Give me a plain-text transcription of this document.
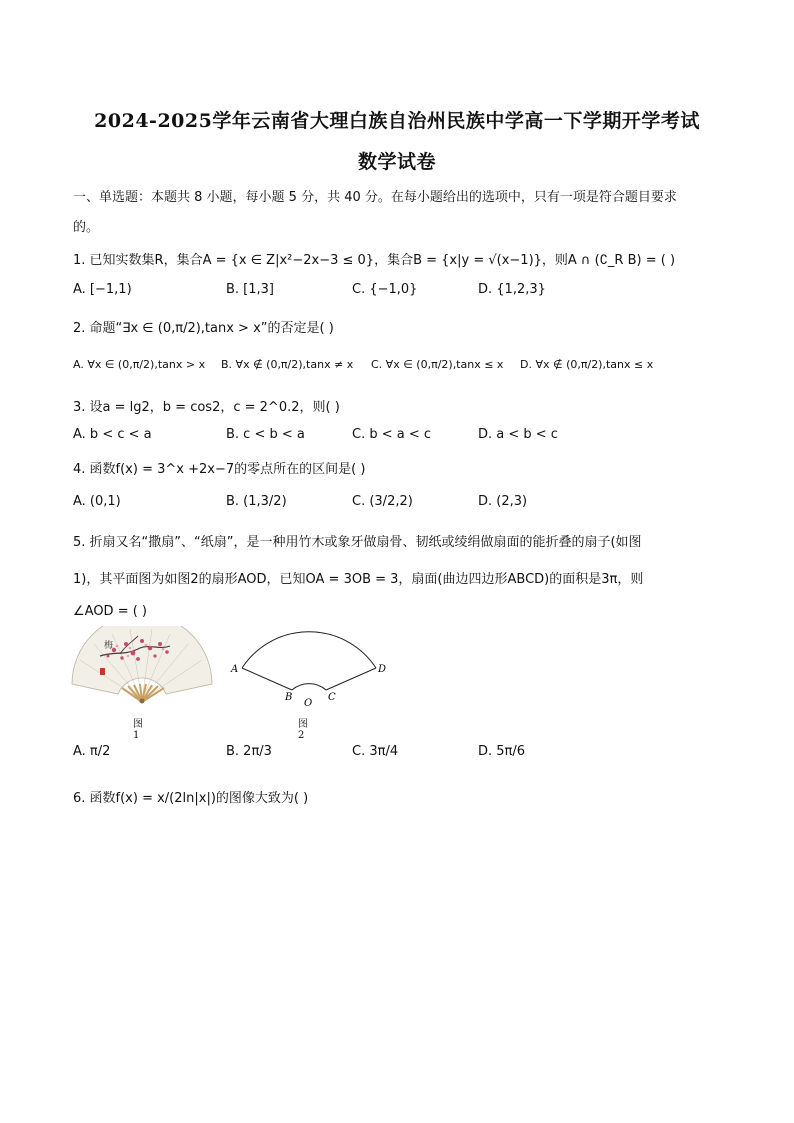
2024-2025学年云南省大理白族自治州民族中学高一下学期开学考试
数学试卷
一、单选题：本题共 8 小题，每小题 5 分，共 40 分。在每小题给出的选项中，只有一项是符合题目要求
的。
1. 已知实数集R，集合A = {x ∈ Z|x²−2x−3 ≤ 0}，集合B = {x|y = √(x−1)}，则A ∩ (∁_R B) = ( )
A. [−1,1)	B. [1,3]	C. {−1,0}	D. {1,2,3}
2. 命题“∃x ∈ (0,π/2),tanx > x”的否定是( )
A. ∀x ∈ (0,π/2),tanx > x B. ∀x ∉ (0,π/2),tanx ≠ x C. ∀x ∈ (0,π/2),tanx ≤ x D. ∀x ∉ (0,π/2),tanx ≤ x
3. 设a = lg2，b = cos2，c = 2^0.2，则( )
A. b < c < a	B. c < b < a	C. b < a < c	D. a < b < c
4. 函数f(x) = 3^x +2x−7的零点所在的区间是( )
A. (0,1)	B. (1,3/2)	C. (3/2,2)	D. (2,3)
5. 折扇又名“撒扇”、“纸扇”，是一种用竹木或象牙做扇骨、韧纸或绫绢做扇面的能折叠的扇子(如图
1)，其平面图为如图2的扇形AOD，已知OA = 3OB = 3，扇面(曲边四边形ABCD)的面积是3π，则
∠AOD = ( )
梅
图1
A
B
O
C
D
图2
A. π/2	B. 2π/3	C. 3π/4	D. 5π/6
6. 函数f(x) = x/(2ln|x|)的图像大致为( )
